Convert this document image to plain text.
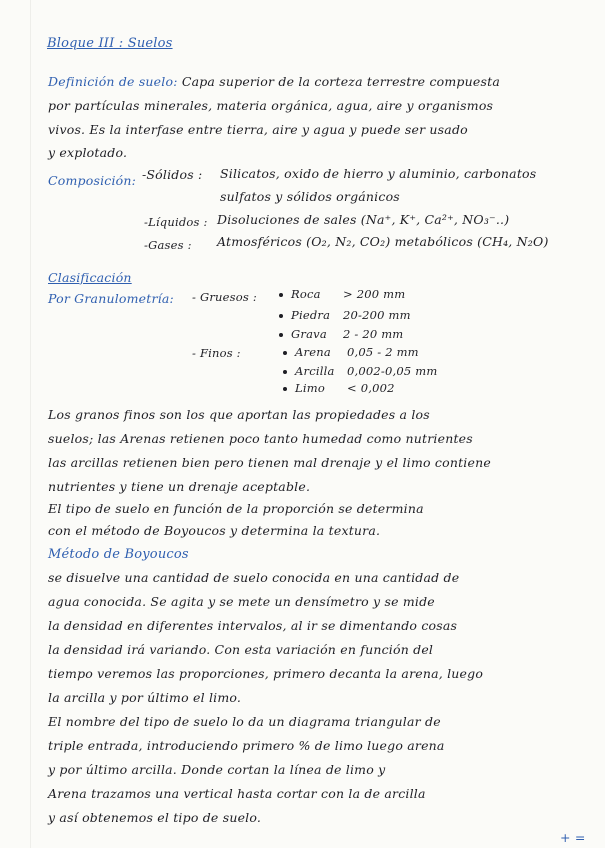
Bloque III : Suelos
Definición de suelo: Capa superior de la corteza terrestre compuesta
por partículas minerales, materia orgánica, agua, aire y organismos
vivos. Es la interfase entre tierra, aire y agua y puede ser usado
y explotado.
Composición: -Sólidos : Silicatos, oxido de hierro y aluminio, carbonatos
sulfatos y sólidos orgánicos
-Líquidos : Disoluciones de sales (Na⁺, K⁺, Ca²⁺, NO₃⁻..)
-Gases : Atmosféricos (O₂, N₂, CO₂) metabólicos (CH₄, N₂O)
Clasificación
Por Granulometría: - Gruesos :	Roca > 200 mm
Piedra 20-200 mm
Grava 2 - 20 mm
- Finos :	Arena 0,05 - 2 mm
Arcilla 0,002-0,05 mm
Limo < 0,002
Los granos finos son los que aportan las propiedades a los
suelos; las Arenas retienen poco tanto humedad como nutrientes
las arcillas retienen bien pero tienen mal drenaje y el limo contiene
nutrientes y tiene un drenaje aceptable.
El tipo de suelo en función de la proporción se determina
con el método de Boyoucos y determina la textura.
Método de Boyoucos
se disuelve una cantidad de suelo conocida en una cantidad de
agua conocida. Se agita y se mete un densímetro y se mide
la densidad en diferentes intervalos, al ir se dimentando cosas
la densidad irá variando. Con esta variación en función del
tiempo veremos las proporciones, primero decanta la arena, luego
la arcilla y por último el limo.
El nombre del tipo de suelo lo da un diagrama triangular de
triple entrada, introduciendo primero % de limo luego arena
y por último arcilla. Donde cortan la línea de limo y
Arena trazamos una vertical hasta cortar con la de arcilla
y así obtenemos el tipo de suelo.
+ =
